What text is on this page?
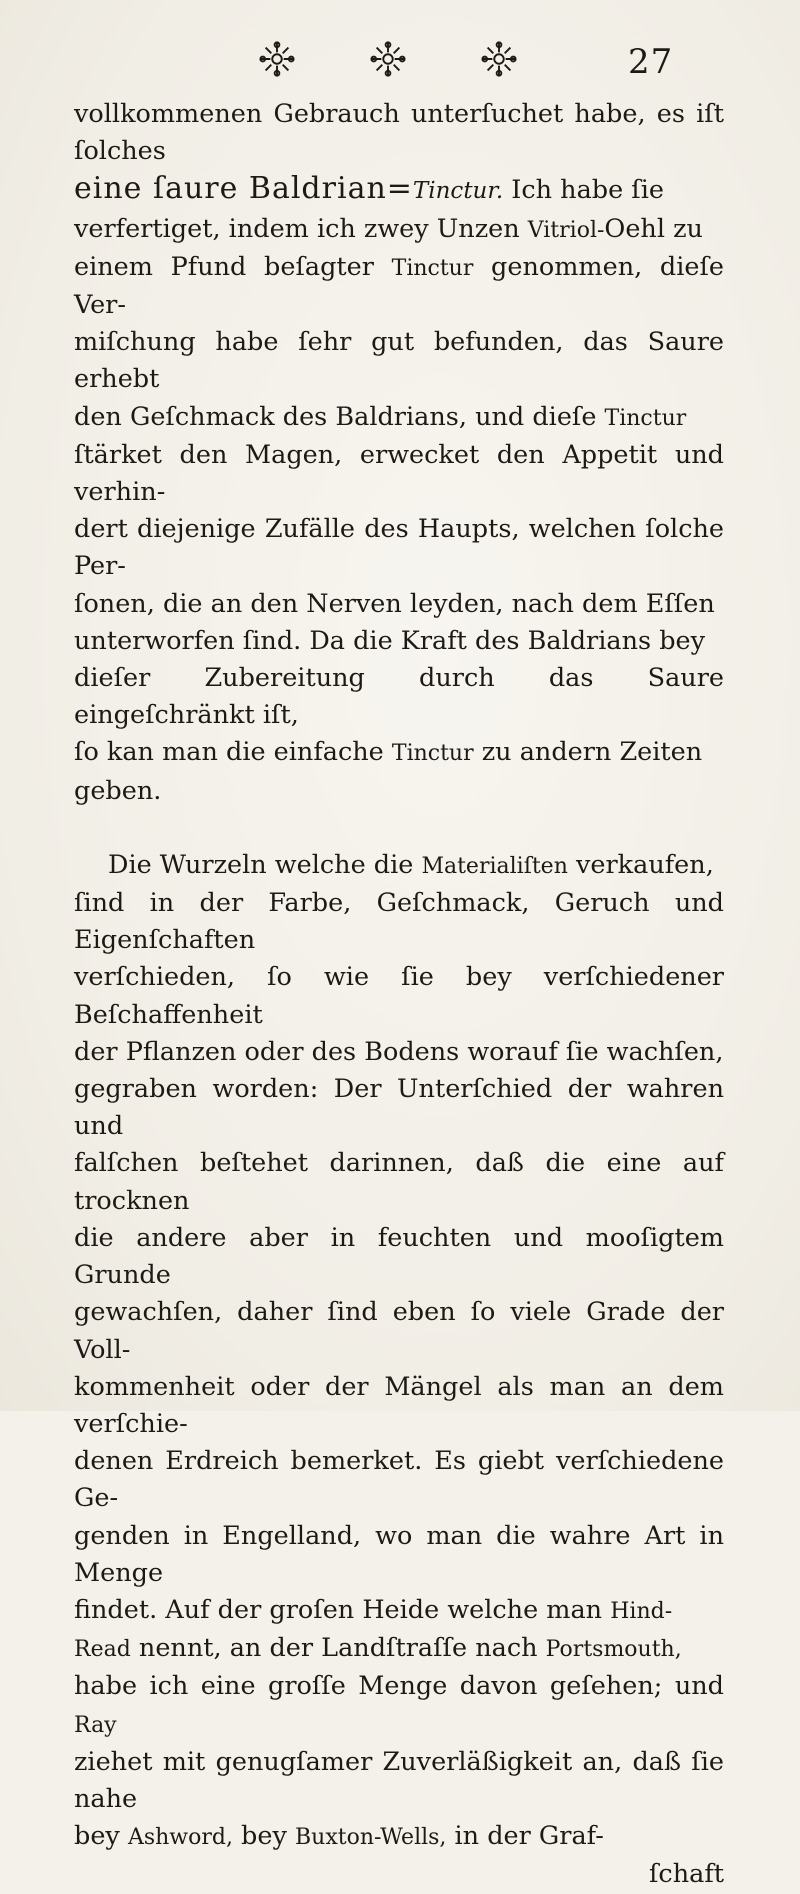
27

vollkommenen Gebrauch unterſuchet habe, es iſt ſolches
eine ſaure Baldrian=Tinctur. Ich habe ſie
verfertiget, indem ich zwey Unzen Vitriol-Oehl zu
einem Pfund beſagter Tinctur genommen, dieſe Ver-
miſchung habe ſehr gut befunden, das Saure erhebt
den Geſchmack des Baldrians, und dieſe Tinctur
ſtärket den Magen, erwecket den Appetit und verhin-
dert diejenige Zufälle des Haupts, welchen ſolche Per-
ſonen, die an den Nerven leyden, nach dem Eſſen
unterworfen ſind. Da die Kraft des Baldrians bey
dieſer Zubereitung durch das Saure eingeſchränkt iſt,
ſo kan man die einfache Tinctur zu andern Zeiten
geben.

Die Wurzeln welche die Materialiſten verkaufen,
ſind in der Farbe, Geſchmack, Geruch und Eigenſchaften
verſchieden, ſo wie ſie bey verſchiedener Beſchaffenheit
der Pflanzen oder des Bodens worauf ſie wachſen,
gegraben worden: Der Unterſchied der wahren und
falſchen beſtehet darinnen, daß die eine auf trocknen
die andere aber in feuchten und mooſigtem Grunde
gewachſen, daher ſind eben ſo viele Grade der Voll-
kommenheit oder der Mängel als man an dem verſchie-
denen Erdreich bemerket. Es giebt verſchiedene Ge-
genden in Engelland, wo man die wahre Art in Menge
findet. Auf der groſen Heide welche man Hind-
Read nennt, an der Landſtraſſe nach Portsmouth,
habe ich eine groſſe Menge davon geſehen; und Ray
ziehet mit genugſamer Zuverläßigkeit an, daß ſie nahe
bey Ashword, bey Buxton-Wells, in der Graf-
ſchaft
